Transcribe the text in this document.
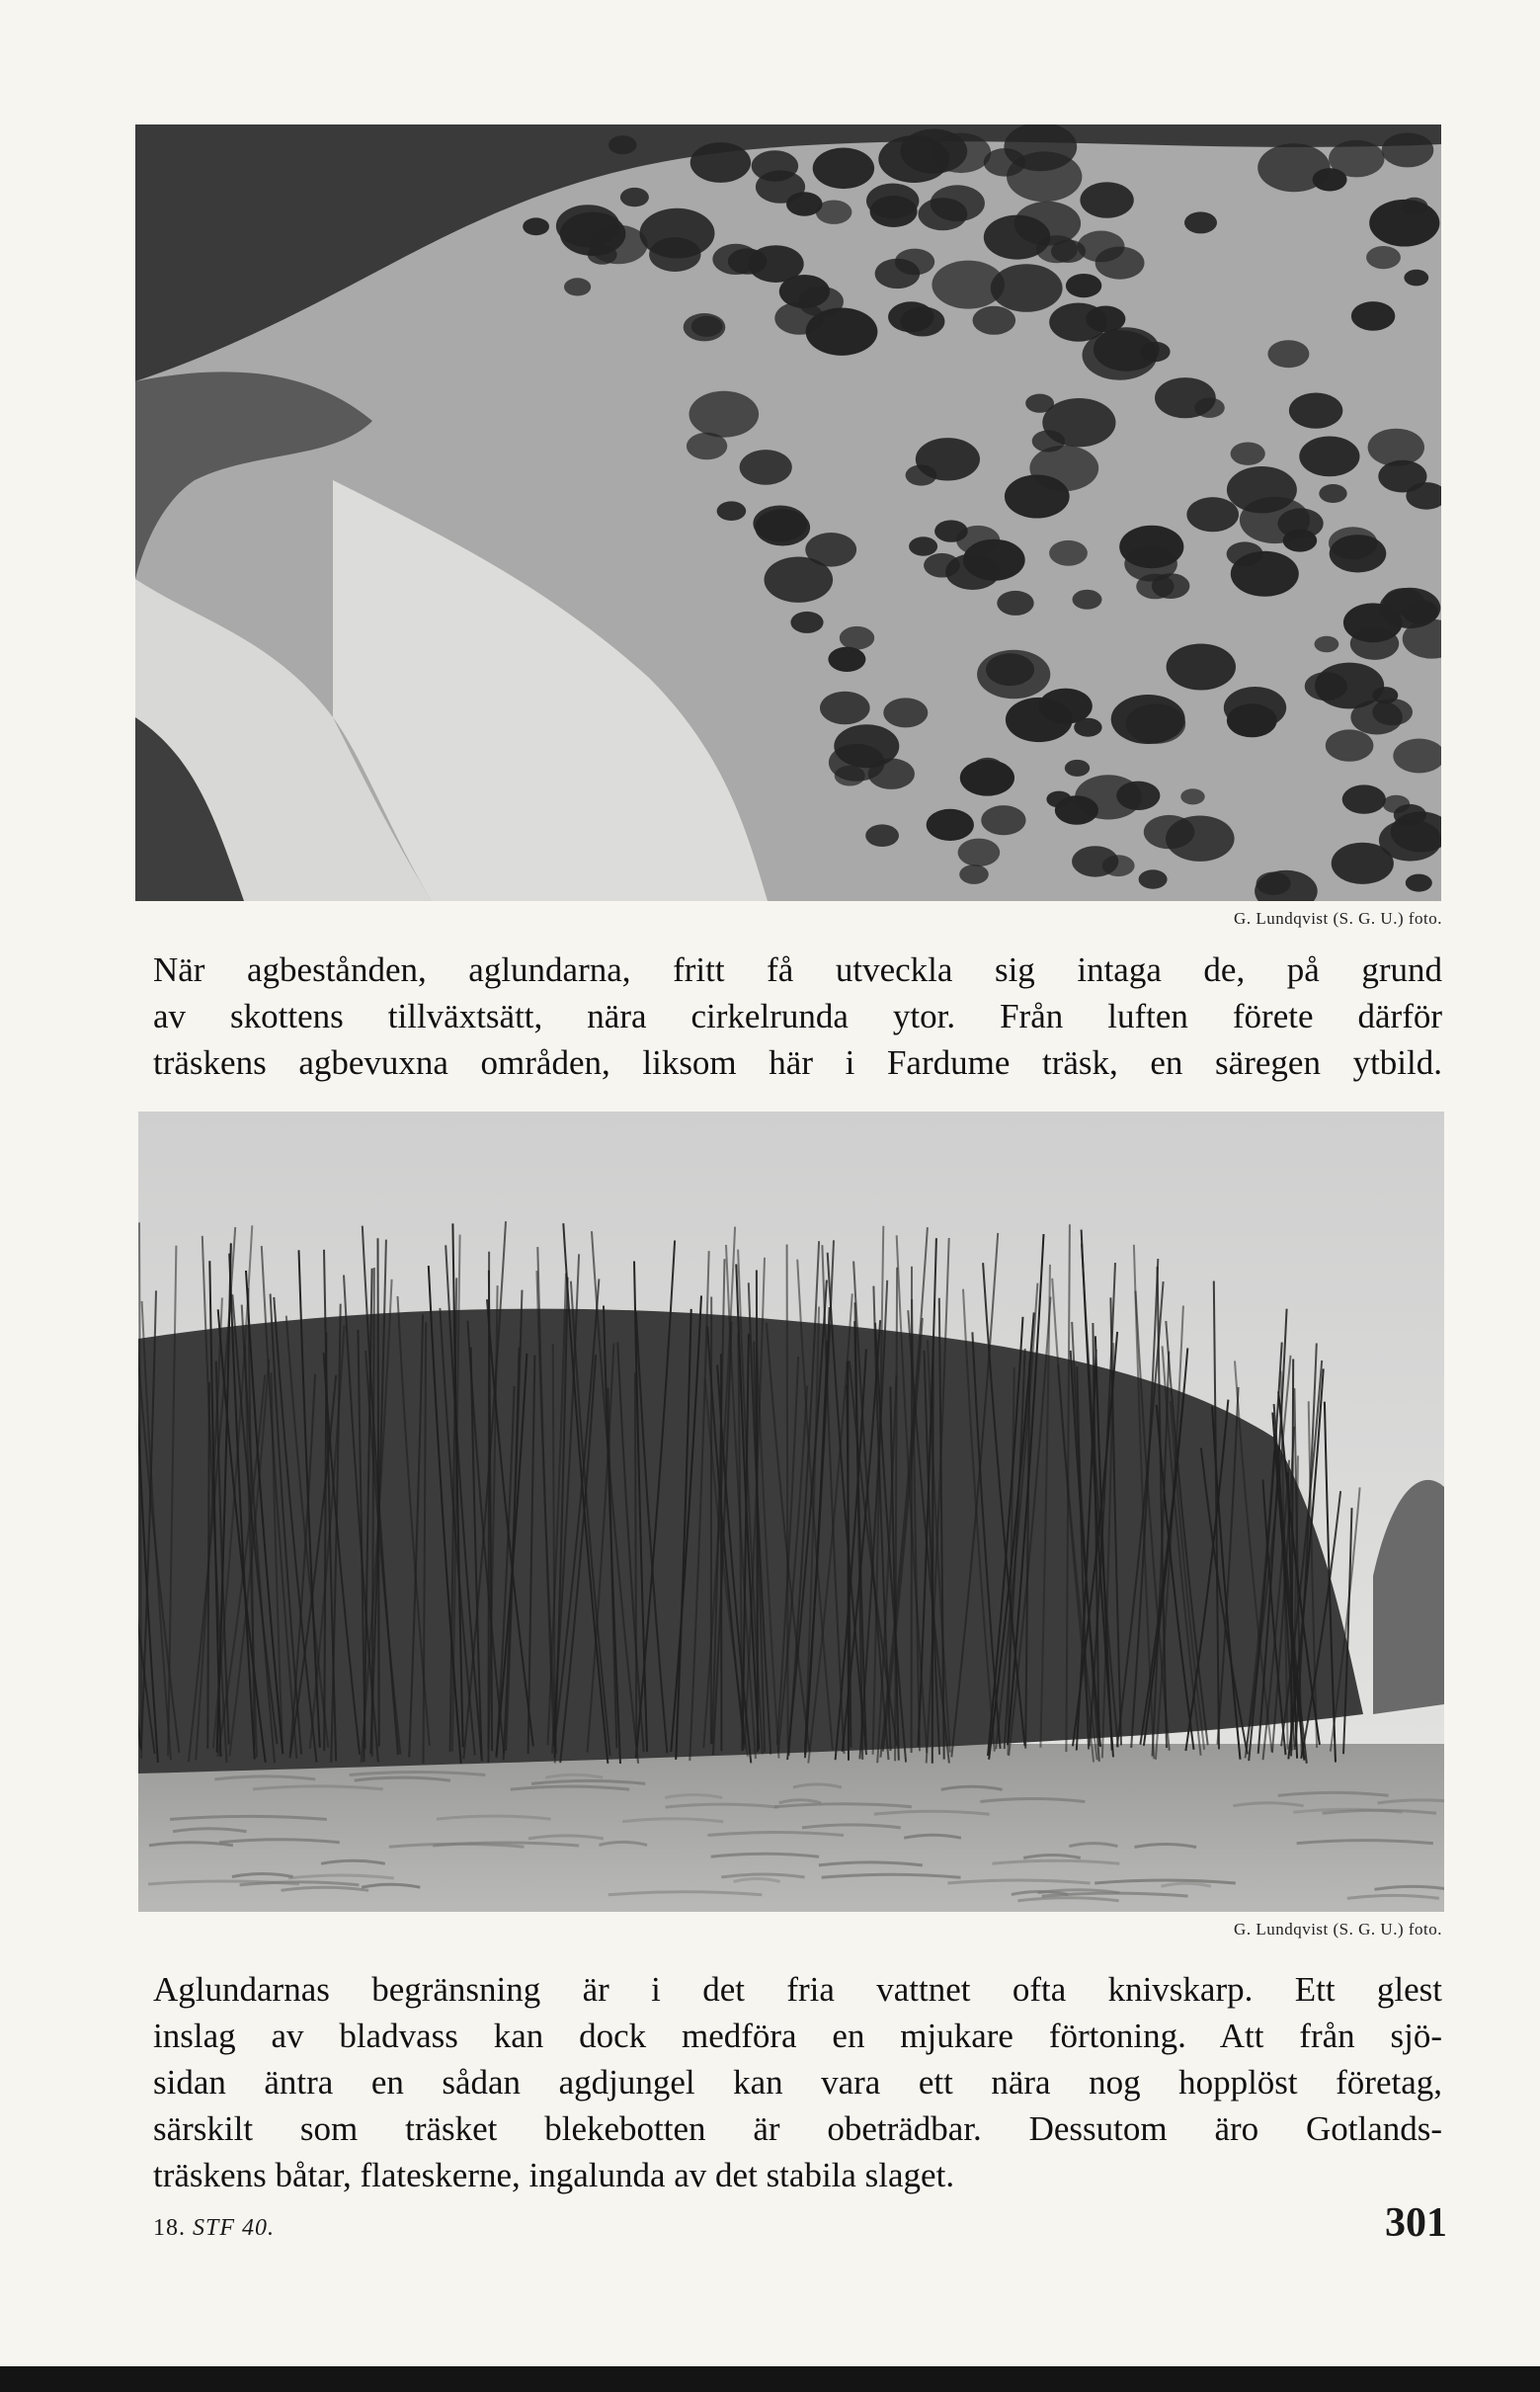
G. Lundqvist (S. G. U.) foto.
När agbestånden, aglundarna, fritt få utveckla sig intaga de, på grund
av skottens tillväxtsätt, nära cirkelrunda ytor. Från luften förete därför
träskens agbevuxna områden, liksom här i Fardume träsk, en säregen ytbild.
G. Lundqvist (S. G. U.) foto.
Aglundarnas begränsning är i det fria vattnet ofta knivskarp. Ett glest
inslag av bladvass kan dock medföra en mjukare förtoning. Att från sjö-
sidan äntra en sådan agdjungel kan vara ett nära nog hopplöst företag,
särskilt som träsket blekebotten är obeträdbar. Dessutom äro Gotlands-
träskens båtar, flateskerne, ingalunda av det stabila slaget.
18. STF 40.	301
